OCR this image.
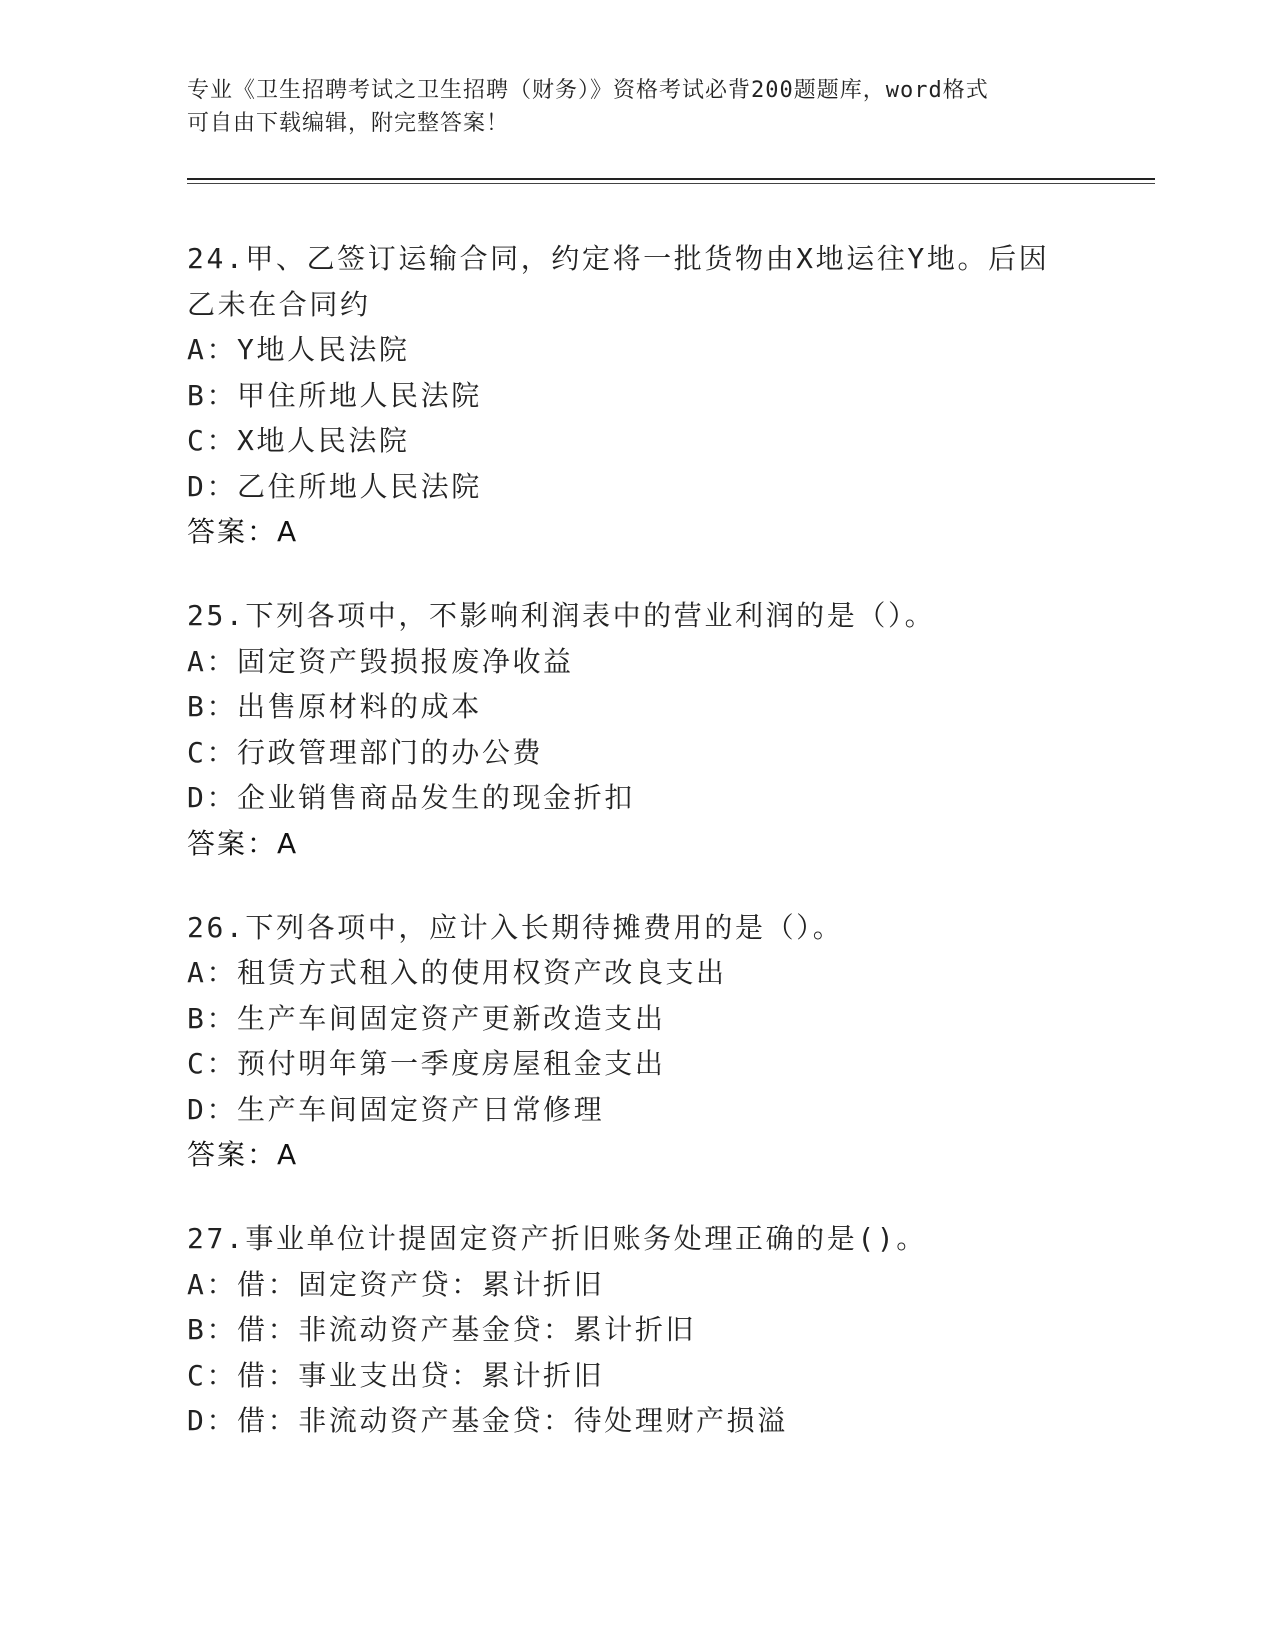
专业《卫生招聘考试之卫生招聘（财务）》资格考试必背200题题库，word格式
可自由下载编辑，附完整答案！

24.甲、乙签订运输合同，约定将一批货物由X地运往Y地。后因乙未在合同约

A：Y地人民法院

B：甲住所地人民法院

C：X地人民法院

D：乙住所地人民法院

答案：A

25.下列各项中，不影响利润表中的营业利润的是（）。

A：固定资产毁损报废净收益

B：出售原材料的成本

C：行政管理部门的办公费

D：企业销售商品发生的现金折扣

答案：A

26.下列各项中，应计入长期待摊费用的是（）。

A：租赁方式租入的使用权资产改良支出

B：生产车间固定资产更新改造支出

C：预付明年第一季度房屋租金支出

D：生产车间固定资产日常修理

答案：A

27.事业单位计提固定资产折旧账务处理正确的是()。

A：借：固定资产贷：累计折旧

B：借：非流动资产基金贷：累计折旧

C：借：事业支出贷：累计折旧

D：借：非流动资产基金贷：待处理财产损溢
